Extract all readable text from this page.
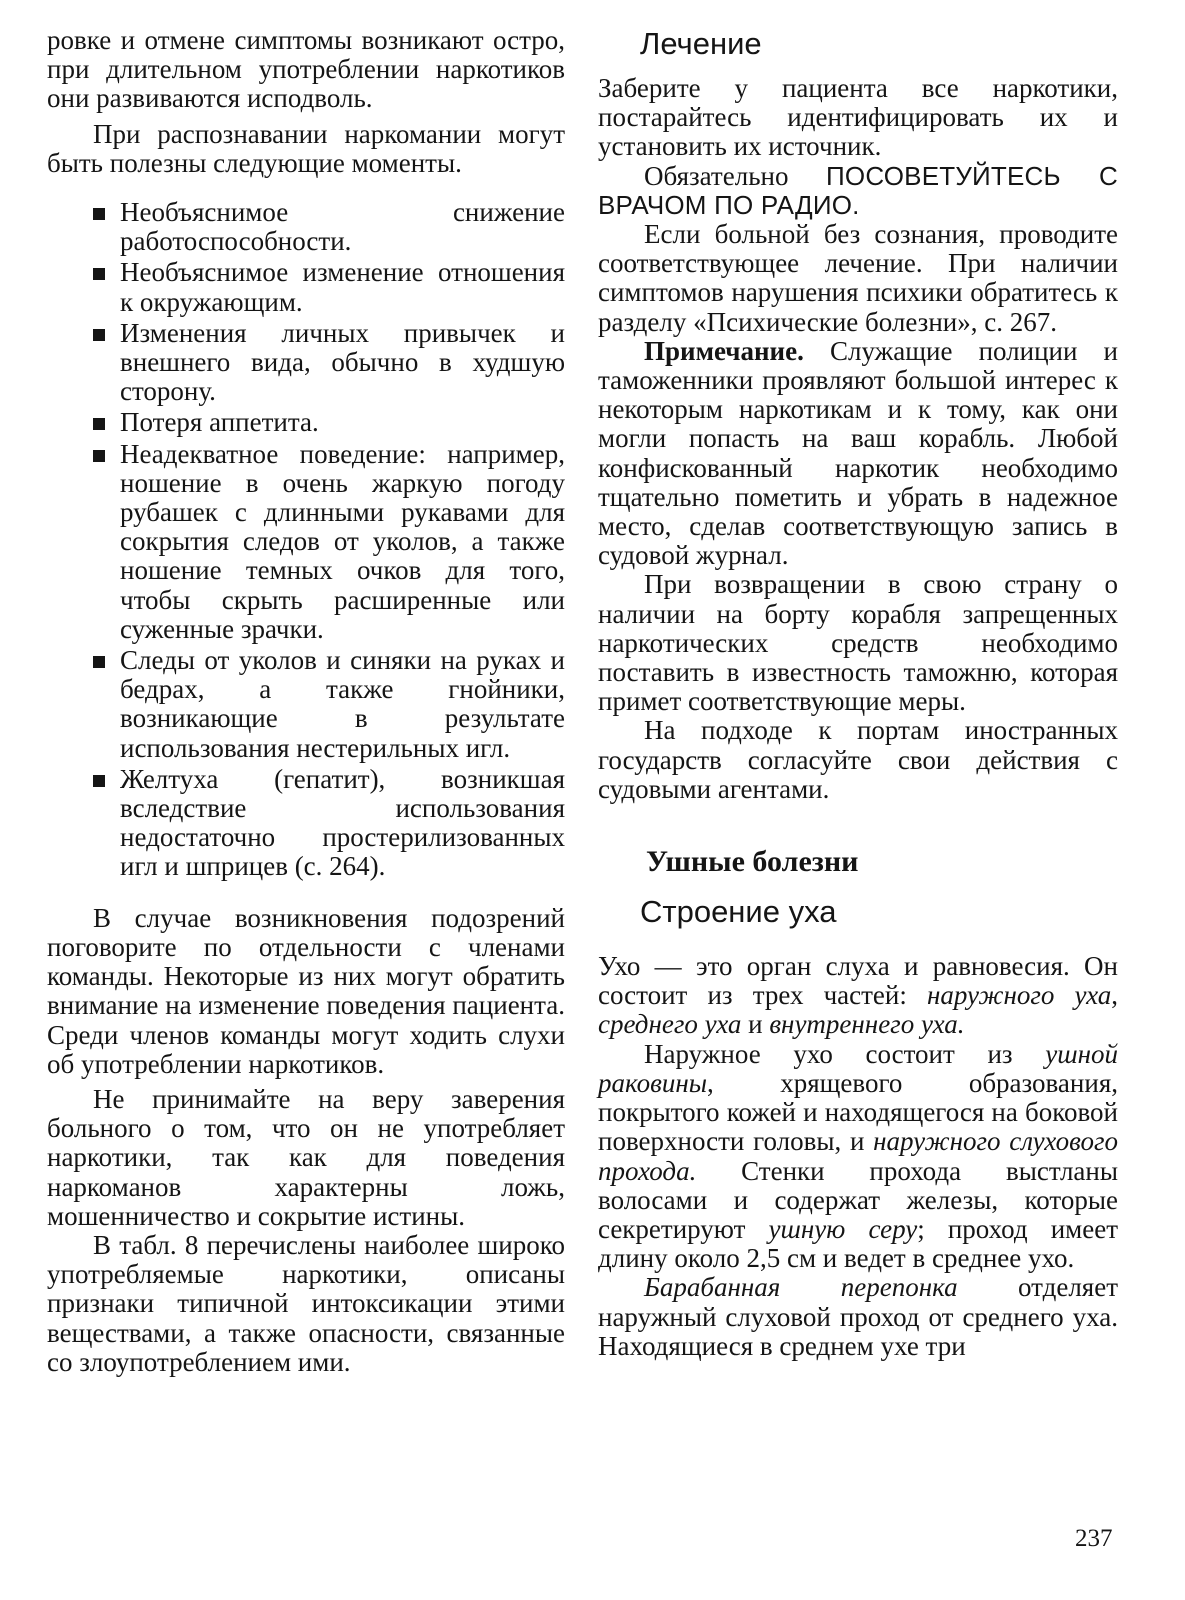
ровке и отмене симптомы возникают остро, при длительном употреблении наркотиков они развиваются исподволь.

При распознавании наркомании могут быть полезны следующие моменты.

Необъяснимое снижение работоспособности.
Необъяснимое изменение отношения к окружающим.
Изменения личных привычек и внешнего вида, обычно в худшую сторону.
Потеря аппетита.
Неадекватное поведение: например, ношение в очень жаркую погоду рубашек с длинными рукавами для сокрытия следов от уколов, а также ношение темных очков для того, чтобы скрыть расширенные или суженные зрачки.
Следы от уколов и синяки на руках и бедрах, а также гнойники, возникающие в результате использования нестерильных игл.
Желтуха (гепатит), возникшая вследствие использования недостаточно простерилизованных игл и шприцев (с. 264).

В случае возникновения подозрений поговорите по отдельности с членами команды. Некоторые из них могут обратить внимание на изменение поведения пациента. Среди членов команды могут ходить слухи об употреблении наркотиков.

Не принимайте на веру заверения больного о том, что он не употребляет наркотики, так как для поведения наркоманов характерны ложь, мошенничество и сокрытие истины.

В табл. 8 перечислены наиболее широко употребляемые наркотики, описаны признаки типичной интоксикации этими веществами, а также опасности, связанные со злоупотреблением ими.

Лечение

Заберите у пациента все наркотики, постарайтесь идентифицировать их и установить их источник.

Обязательно ПОСОВЕТУЙТЕСЬ С ВРАЧОМ ПО РАДИО.

Если больной без сознания, проводите соответствующее лечение. При наличии симптомов нарушения психики обратитесь к разделу «Психические болезни», с. 267.

Примечание. Служащие полиции и таможенники проявляют большой интерес к некоторым наркотикам и к тому, как они могли попасть на ваш корабль. Любой конфискованный наркотик необходимо тщательно пометить и убрать в надежное место, сделав соответствующую запись в судовой журнал.

При возвращении в свою страну о наличии на борту корабля запрещенных наркотических средств необходимо поставить в известность таможню, которая примет соответствующие меры.

На подходе к портам иностранных государств согласуйте свои действия с судовыми агентами.

Ушные болезни
Строение уха

Ухо — это орган слуха и равновесия. Он состоит из трех частей: наружного уха, среднего уха и внутреннего уха.

Наружное ухо состоит из ушной раковины, хрящевого образования, покрытого кожей и находящегося на боковой поверхности головы, и наружного слухового прохода. Стенки прохода выстланы волосами и содержат железы, которые секретируют ушную серу; проход имеет длину около 2,5 см и ведет в среднее ухо.

Барабанная перепонка отделяет наружный слуховой проход от среднего уха. Находящиеся в среднем ухе три

237
